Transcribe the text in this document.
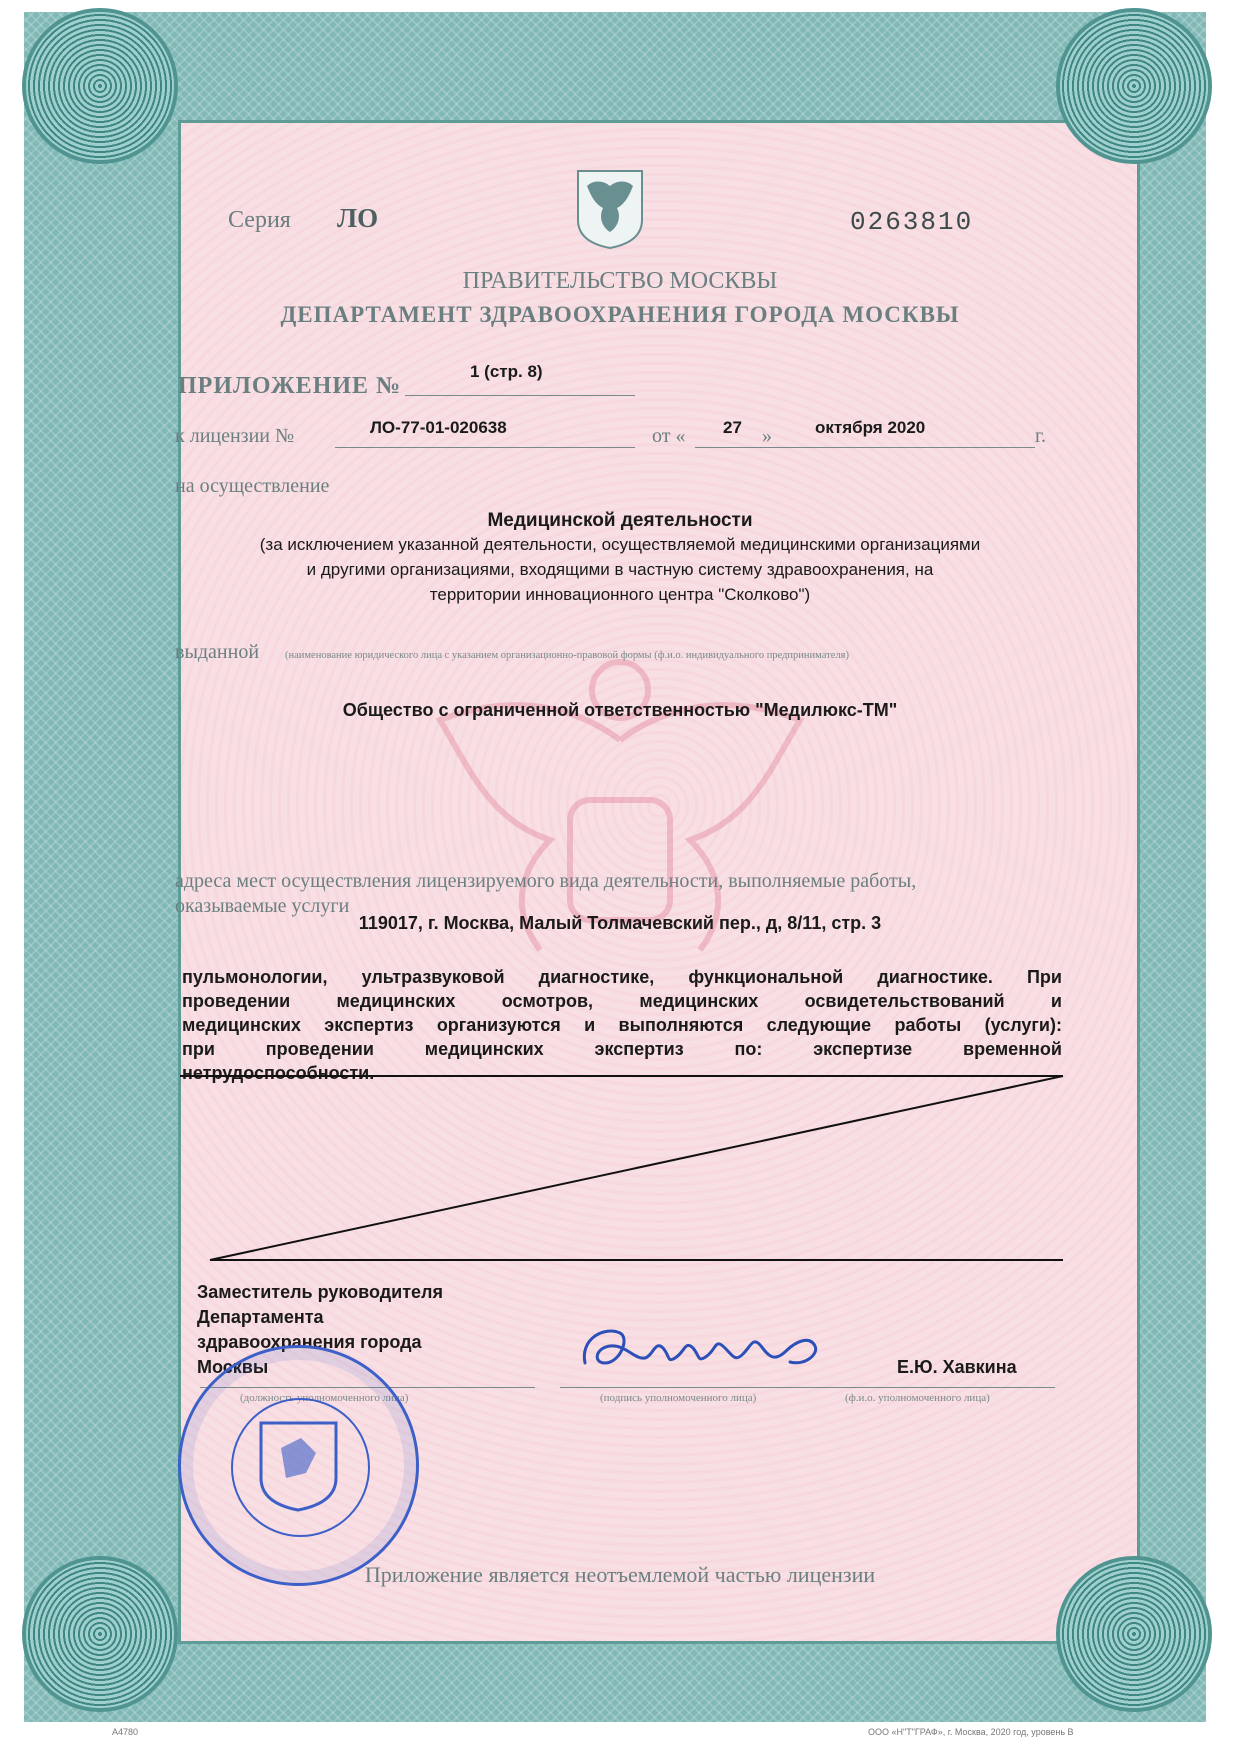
Серия ЛО	0263810
ПРАВИТЕЛЬСТВО МОСКВЫ
ДЕПАРТАМЕНТ ЗДРАВООХРАНЕНИЯ ГОРОДА МОСКВЫ
ПРИЛОЖЕНИЕ №
1 (стр. 8)
к лицензии №	ЛО-77-01-020638	от « 27 »	октября 2020	г.
на осуществление
Медицинской деятельности
(за исключением указанной деятельности, осуществляемой медицинскими организациями
и другими организациями, входящими в частную систему здравоохранения, на
территории инновационного центра "Сколково")
выданной (наименование юридического лица с указанием организационно-правовой формы (ф.и.о. индивидуального предпринимателя)
Общество с ограниченной ответственностью "Медилюкс-ТМ"
адреса мест осуществления лицензируемого вида деятельности, выполняемые работы,
оказываемые услуги
119017, г. Москва, Малый Толмачевский пер., д, 8/11, стр. 3
пульмонологии, ультразвуковой диагностике, функциональной диагностике. При
проведении медицинских осмотров, медицинских освидетельствований и
медицинских экспертиз организуются и выполняются следующие работы (услуги):
при проведении медицинских экспертиз по: экспертизе временной
нетрудоспособности.
Заместитель руководителя
Департамента
здравоохранения города
Москвы
(должность уполномоченного лица)	(подпись уполномоченного лица)
Е.Ю. Хавкина
(ф.и.о. уполномоченного лица)
Приложение является неотъемлемой частью лицензии
А4780	ООО «Н"Т"ГРАФ», г. Москва, 2020 год, уровень В
